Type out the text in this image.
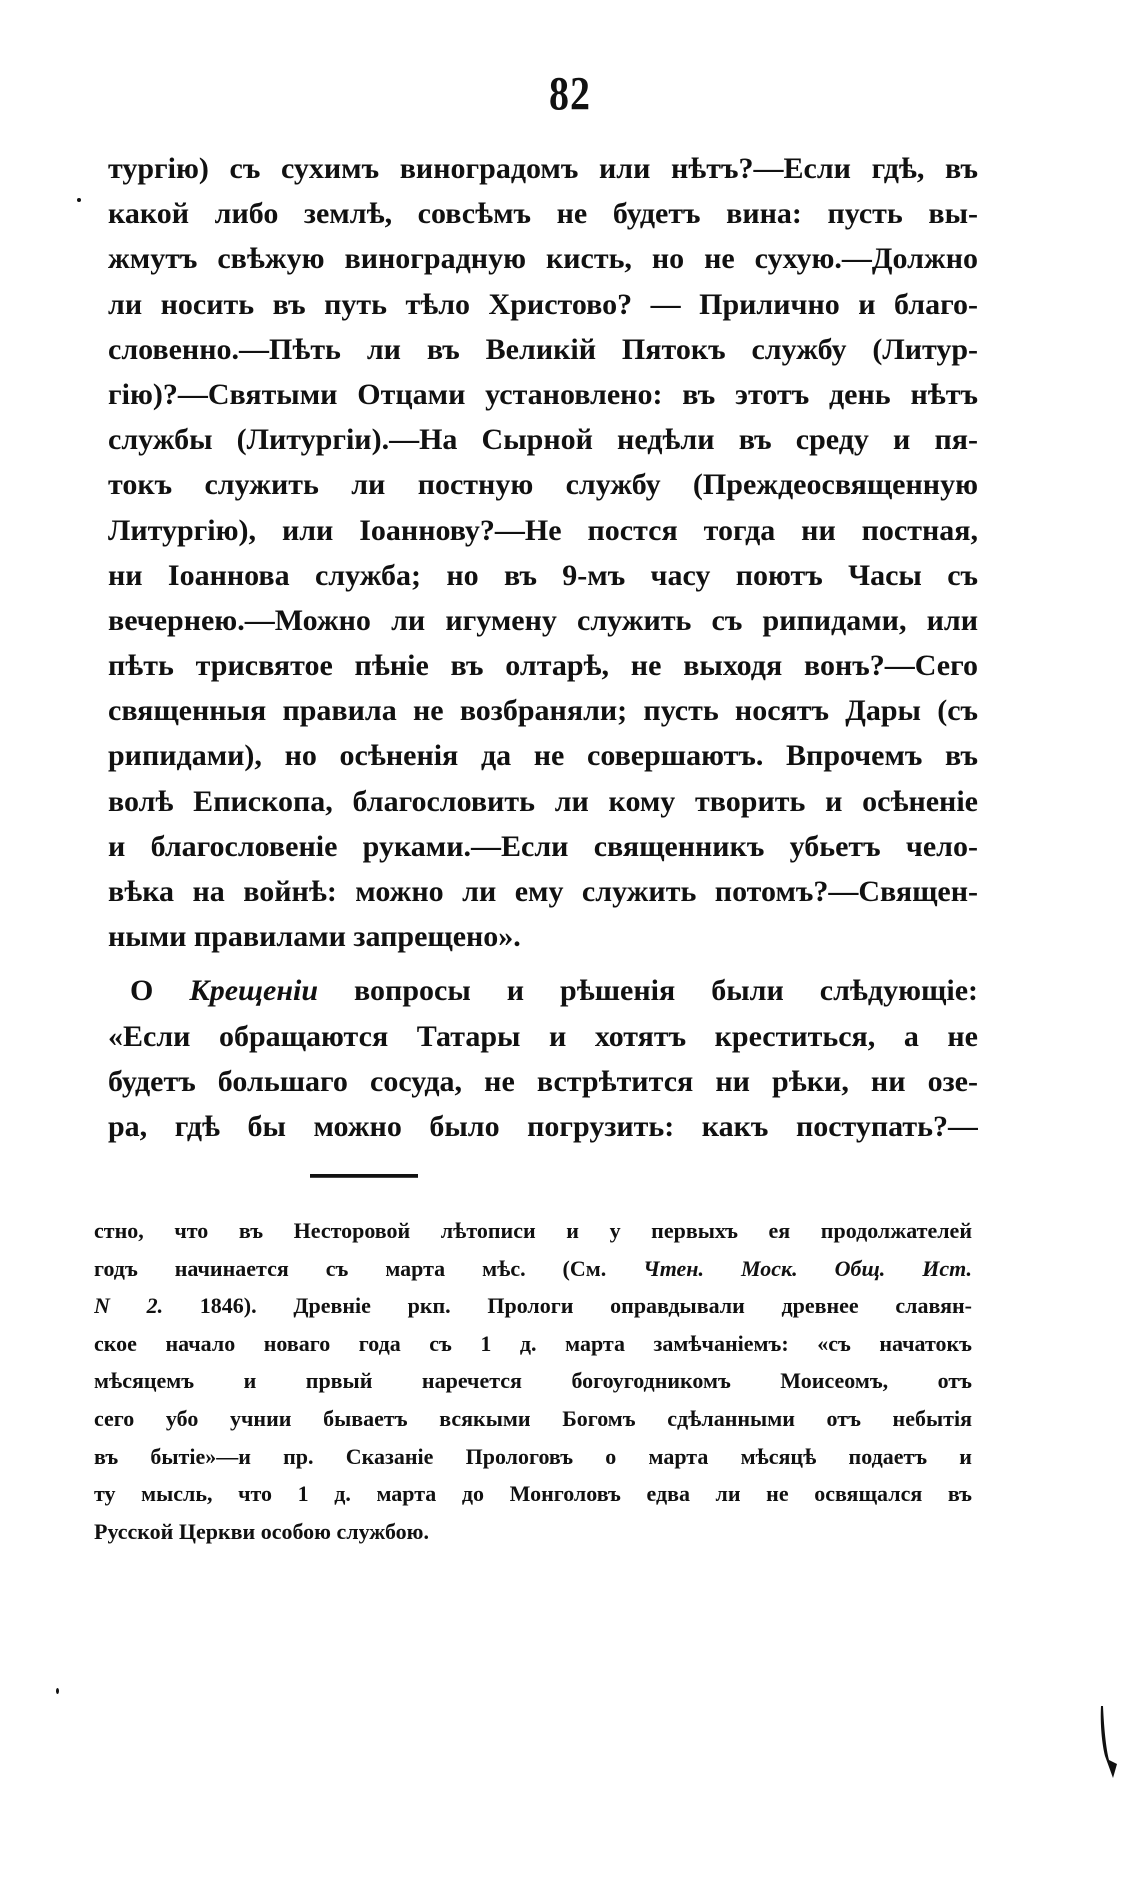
82
тургію) съ сухимъ виноградомъ или нѣтъ?—Если гдѣ, въ
какой либо землѣ, совсѣмъ не будетъ вина: пусть вы-
жмутъ свѣжую виноградную кисть, но не сухую.—Должно
ли носить въ путь тѣло Христово? — Прилично и благо-
словенно.—Пѣть ли въ Великій Пятокъ службу (Литур-
гію)?—Святыми Отцами установлено: въ этотъ день нѣтъ
службы (Литургіи).—На Сырной недѣли въ среду и пя-
токъ служить ли постную службу (Преждеосвященную
Литургію), или Іоаннову?—Не постся тогда ни постная,
ни Іоаннова служба; но въ 9-мъ часу поютъ Часы съ
вечернею.—Можно ли игумену служить съ рипидами, или
пѣть трисвятое пѣніе въ олтарѣ, не выходя вонъ?—Сего
священныя правила не возбраняли; пусть носятъ Дары (съ
рипидами), но осѣненія да не совершаютъ. Впрочемъ въ
волѣ Епископа, благословить ли кому творить и осѣненіе
и благословеніе руками.—Если священникъ убьетъ чело-
вѣка на войнѣ: можно ли ему служить потомъ?—Священ-
ными правилами запрещено».
О Крещеніи вопросы и рѣшенія были слѣдующіе:
«Если обращаются Татары и хотятъ креститься, а не
будетъ большаго сосуда, не встрѣтится ни рѣки, ни озе-
ра, гдѣ бы можно было погрузить: какъ поступать?—
стно, что въ Несторовой лѣтописи и у первыхъ ея продолжателей
годъ начинается съ марта мѣс. (См. Чтен. Моск. Общ. Ист.
N 2. 1846). Древніе ркп. Прологи оправдывали древнее славян-
ское начало новаго года съ 1 д. марта замѣчаніемъ: «съ начатокъ
мѣсяцемъ и првый наречется богоугодникомъ Моисеомъ, отъ
сего убо учнии бываетъ всякыми Богомъ сдѣланными отъ небытія
въ бытіе»—и пр. Сказаніе Прологовъ о марта мѣсяцѣ подаетъ и
ту мысль, что 1 д. марта до Монголовъ едва ли не освящался въ
Русской Церкви особою службою.
